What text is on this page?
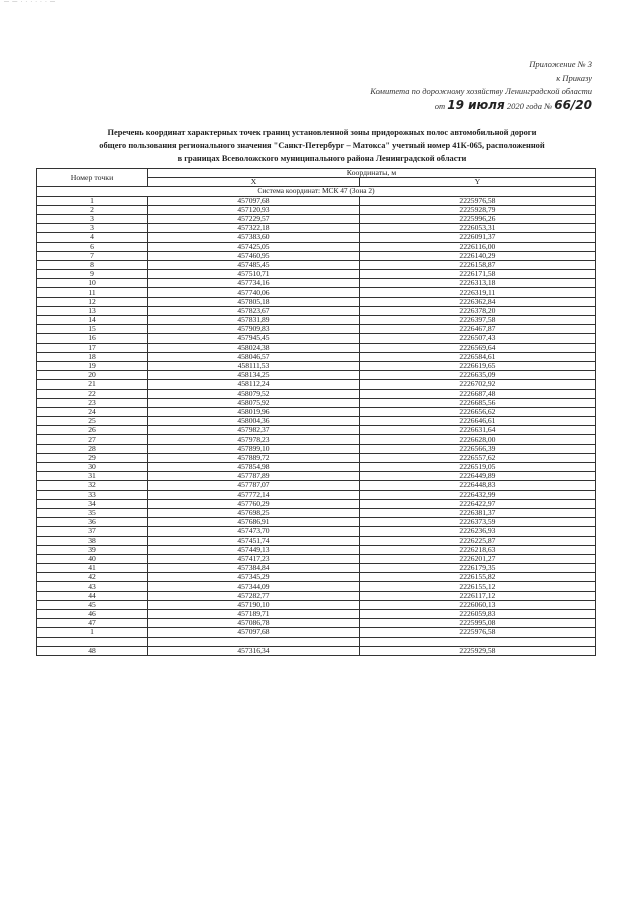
— — · · · · · · —
Приложение № 3
к Приказу
Комитета по дорожному хозяйству Ленинградской области
от 19 июля 2020 года № 66/20
Перечень координат характерных точек границ установленной зоны придорожных полос автомобильной дороги
общего пользования регионального значения "Санкт-Петербург – Матокса" учетный номер 41К-065, расположенной
в границах Всеволожского муниципального района Ленинградской области
Номер точки	Координаты, м	
	X	Y
Система координат: МСК 47 (Зона 2)		
1	457097,68	2225976,58
2	457120,93	2225928,79
3	457229,57	2225996,26
3	457322,18	2226053,31
4	457383,60	2226091,37
6	457425,05	2226116,00
7	457460,95	2226140,29
8	457485,45	2226158,87
9	457510,71	2226171,58
10	457734,16	2226313,18
11	457740,06	2226319,11
12	457805,18	2226362,84
13	457823,67	2226378,20
14	457831,89	2226397,58
15	457909,83	2226467,87
16	457945,45	2226507,43
17	458024,38	2226569,64
18	458046,57	2226584,61
19	458111,53	2226619,65
20	458134,25	2226635,09
21	458112,24	2226702,92
22	458079,52	2226687,48
23	458075,92	2226685,56
24	458019,96	2226656,62
25	458004,36	2226646,61
26	457982,37	2226631,64
27	457978,23	2226628,00
28	457899,10	2226566,39
29	457889,72	2226557,62
30	457854,98	2226519,05
31	457787,89	2226449,89
32	457787,07	2226448,83
33	457772,14	2226432,99
34	457760,29	2226422,97
35	457698,25	2226381,37
36	457686,91	2226373,59
37	457473,70	2226236,93
38	457451,74	2226225,87
39	457449,13	2226218,63
40	457417,23	2226201,27
41	457384,84	2226179,35
42	457345,29	2226155,82
43	457344,09	2226155,12
44	457282,77	2226117,12
45	457190,10	2226060,13
46	457189,71	2226059,83
47	457086,78	2225995,08
1	457097,68	2225976,58

48	457316,34	2225929,58
